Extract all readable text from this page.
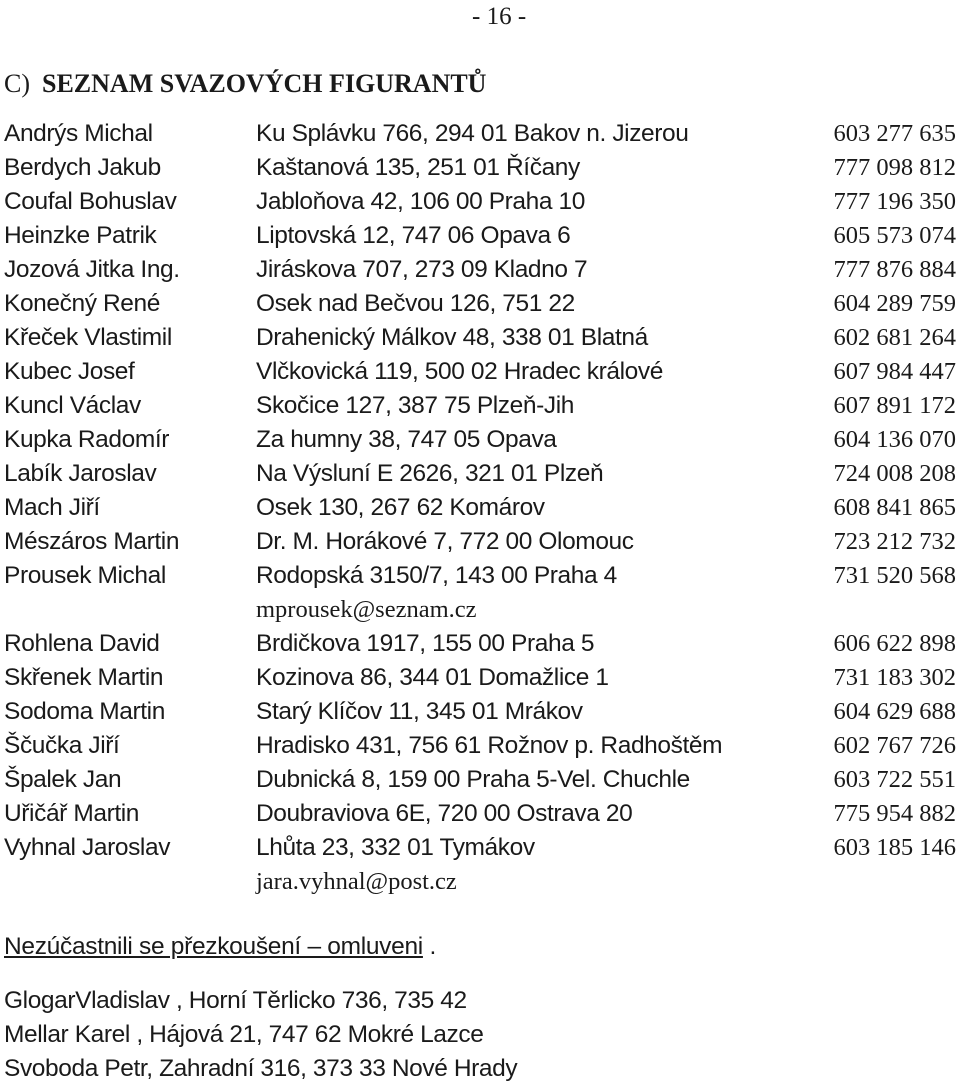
- 16 -
C) SEZNAM SVAZOVÝCH FIGURANTŮ
Andrýs Michal	Ku Splávku 766, 294 01 Bakov n. Jizerou	603 277 635
Berdych Jakub	Kaštanová 135, 251 01 Říčany	777 098 812
Coufal Bohuslav	Jabloňova 42, 106 00 Praha 10	777 196 350
Heinzke Patrik	Liptovská 12, 747 06 Opava 6	605 573 074
Jozová Jitka Ing.	Jiráskova 707, 273 09 Kladno 7	777 876 884
Konečný René	Osek nad Bečvou 126, 751 22	604 289 759
Křeček Vlastimil	Drahenický Málkov 48, 338 01 Blatná	602 681 264
Kubec Josef	Vlčkovická 119, 500 02 Hradec králové	607 984 447
Kuncl Václav	Skočice 127, 387 75 Plzeň-Jih	607 891 172
Kupka Radomír	Za humny 38, 747 05 Opava	604 136 070
Labík Jaroslav	Na Výsluní E 2626, 321 01 Plzeň	724 008 208
Mach Jiří	Osek 130, 267 62 Komárov	608 841 865
Mészáros Martin	Dr. M. Horákové 7, 772 00 Olomouc	723 212 732
Prousek Michal	Rodopská 3150/7, 143 00 Praha 4	731 520 568
mprousek@seznam.cz
Rohlena David	Brdičkova 1917, 155 00 Praha 5	606 622 898
Skřenek Martin	Kozinova 86, 344 01 Domažlice 1	731 183 302
Sodoma Martin	Starý Klíčov 11, 345 01 Mrákov	604 629 688
Ščučka Jiří	Hradisko 431, 756 61 Rožnov p. Radhoštěm	602 767 726
Špalek Jan	Dubnická 8, 159 00 Praha 5-Vel. Chuchle	603 722 551
Uřičář Martin	Doubraviova 6E, 720 00 Ostrava 20	775 954 882
Vyhnal Jaroslav	Lhůta 23, 332 01 Tymákov	603 185 146
jara.vyhnal@post.cz
Nezúčastnili se přezkoušení – omluveni .
GlogarVladislav , Horní Těrlicko 736, 735 42
Mellar Karel , Hájová 21, 747 62 Mokré Lazce
Svoboda Petr, Zahradní 316, 373 33 Nové Hrady
